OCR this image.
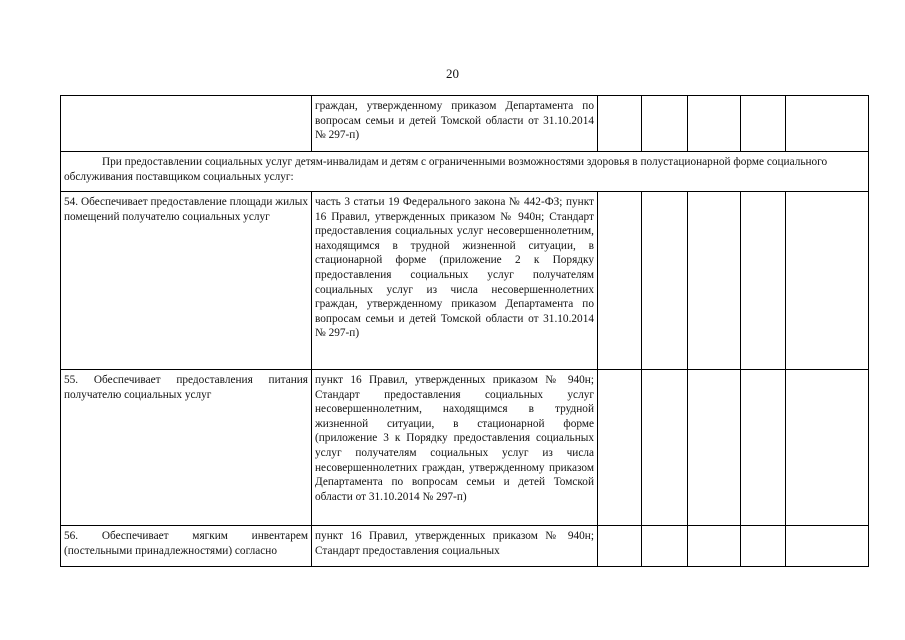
20
	граждан, утвержденному приказом Департамента по вопросам семьи и детей Томской области от 31.10.2014 № 297-п)					
При предоставлении социальных услуг детям-инвалидам и детям с ограниченными возможностями здоровья в полустационарной форме социального обслуживания поставщиком социальных услуг:						
54. Обеспечивает предоставление площади жилых помещений получателю социальных услуг	часть 3 статьи 19 Федерального закона № 442-ФЗ; пункт 16 Правил, утвержденных приказом № 940н; Стандарт предоставления социальных услуг несовершеннолетним, находящимся в трудной жизненной ситуации, в стационарной форме (приложение 2 к Порядку предоставления социальных услуг получателям социальных услуг из числа несовершеннолетних граждан, утвержденному приказом Департамента по вопросам семьи и детей Томской области от 31.10.2014 № 297-п)					
55. Обеспечивает предоставления питания получателю социальных услуг	пункт 16 Правил, утвержденных приказом № 940н; Стандарт предоставления социальных услуг несовершеннолетним, находящимся в трудной жизненной ситуации, в стационарной форме (приложение 3 к Порядку предоставления социальных услуг получателям социальных услуг из числа несовершеннолетних граждан, утвержденному приказом Департамента по вопросам семьи и детей Томской области от 31.10.2014 № 297-п)					
56. Обеспечивает мягким инвентарем (постельными принадлежностями) согласно	пункт 16 Правил, утвержденных приказом № 940н; Стандарт предоставления социальных					
